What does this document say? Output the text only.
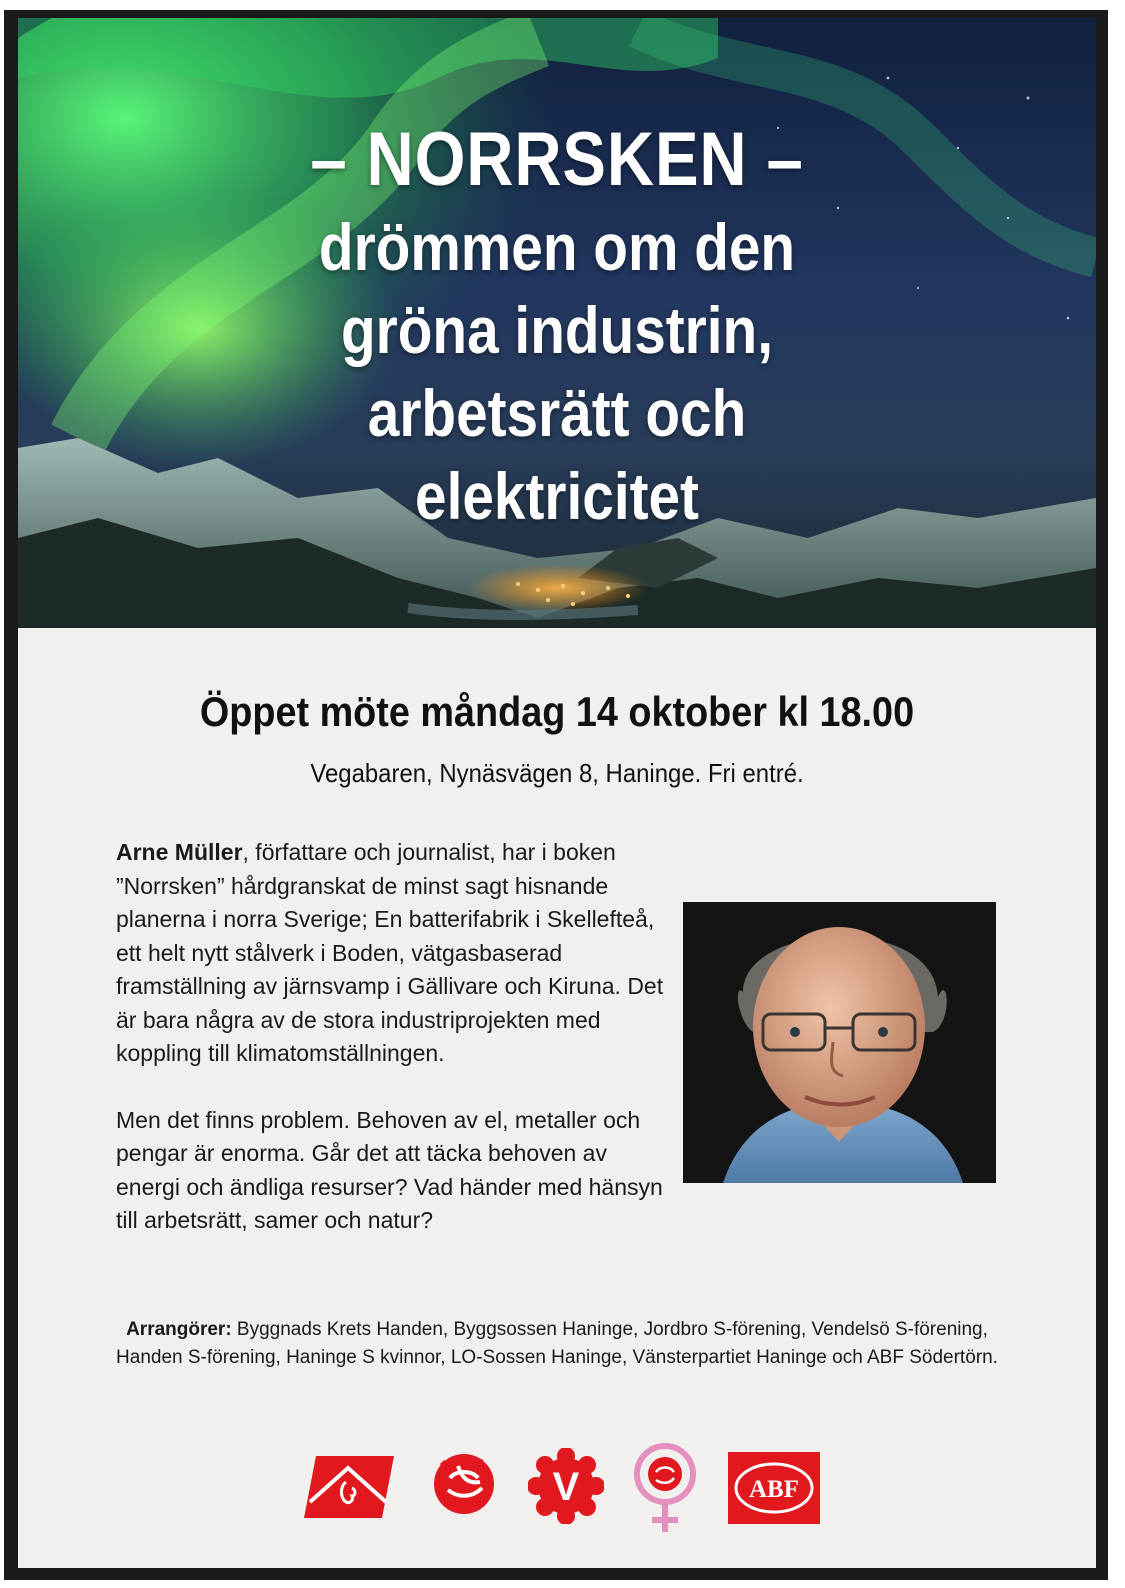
– NORRSKEN –
drömmen om den
gröna industrin,
arbetsrätt och
elektricitet
Öppet möte måndag 14 oktober kl 18.00
Vegabaren, Nynäsvägen 8, Haninge. Fri entré.

Arne Müller, författare och journalist, har i boken ”Norrsken” hårdgranskat de minst sagt hisnande planerna i norra Sverige; En batterifabrik i Skellefteå, ett helt nytt stålverk i Boden, vätgasbaserad framställning av järnsvamp i Gällivare och Kiruna. Det är bara några av de stora industriprojekten med koppling till klimatomställningen.

Men det finns problem. Behoven av el, metaller och pengar är enorma. Går det att täcka behoven av energi och ändliga resurser? Vad händer med hänsyn till arbetsrätt, samer och natur?

Arrangörer: Byggnads Krets Handen, Byggsossen Haninge, Jordbro S-förening, Vendelsö S-förening, Handen S-förening, Haninge S kvinnor, LO-Sossen Haninge, Vänsterpartiet Haninge och ABF Södertörn.
V	ABF
